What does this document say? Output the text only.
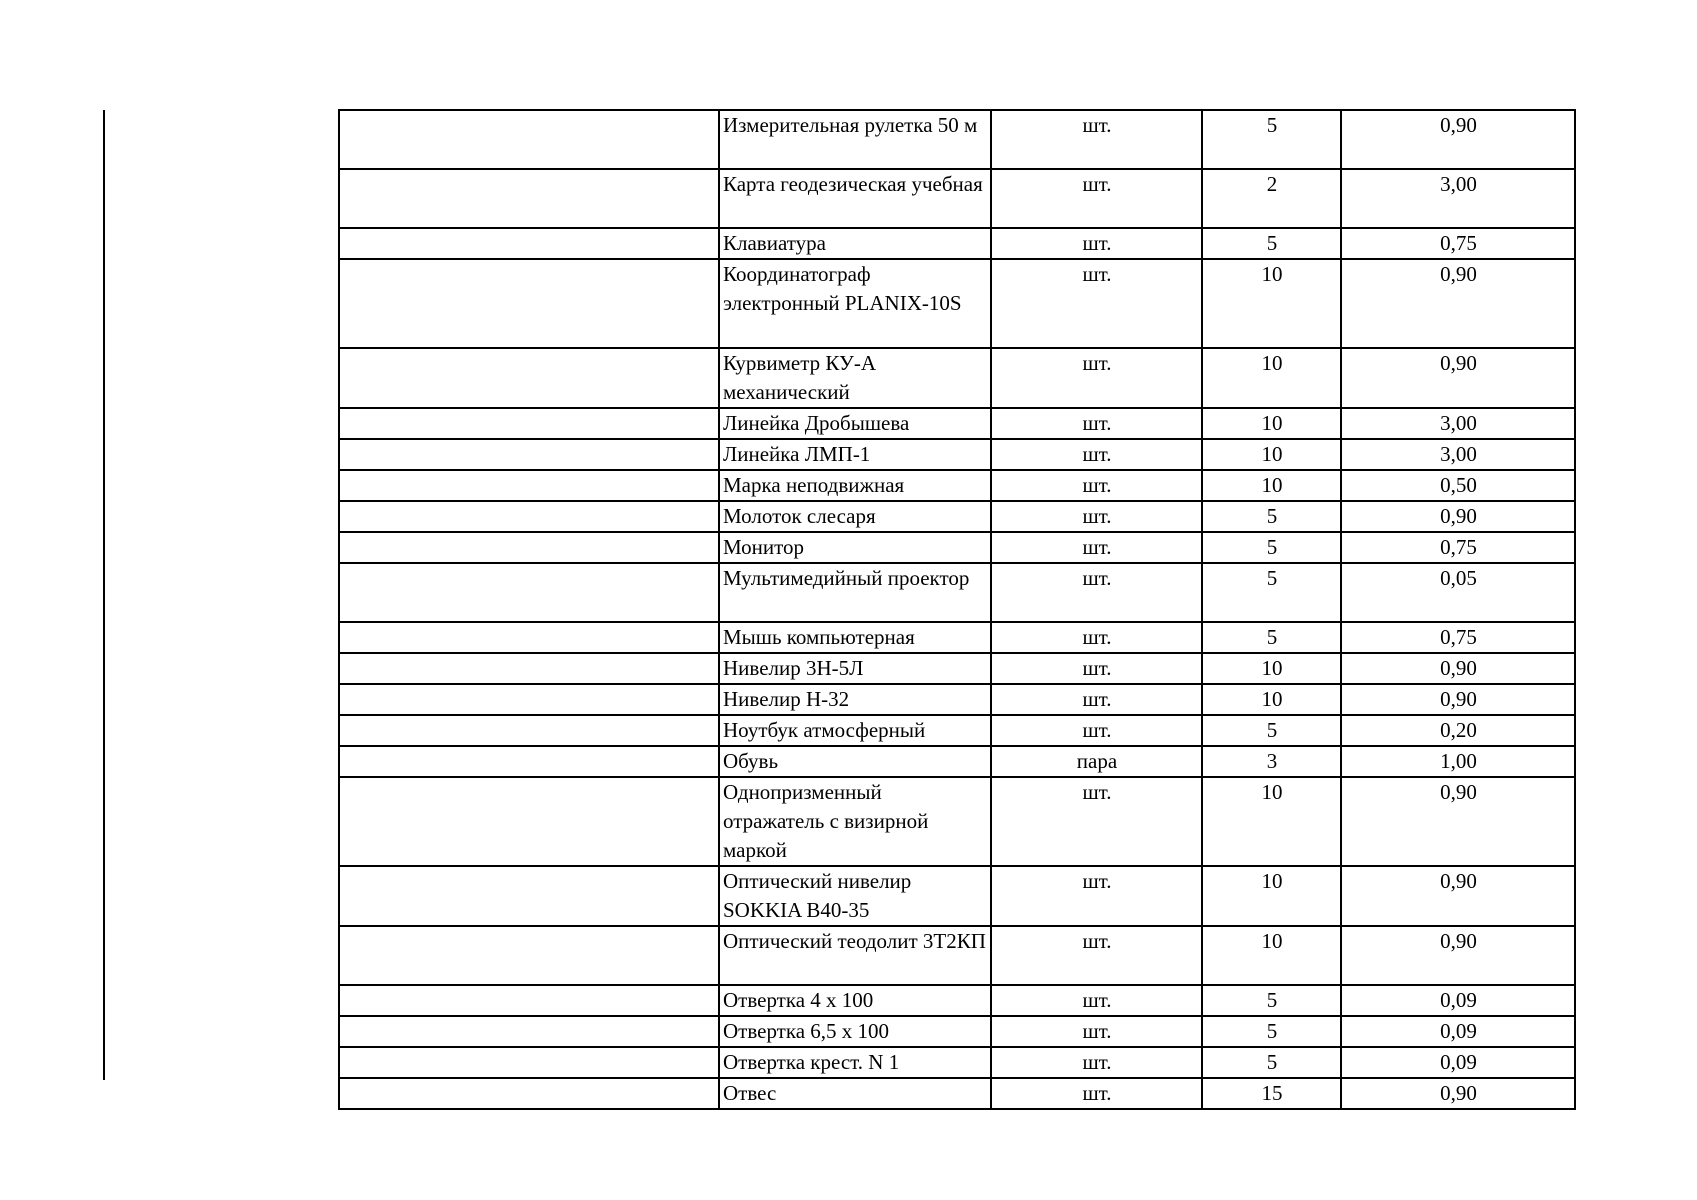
	Измерительная рулетка 50 м	шт.	5	0,90
	Карта геодезическая учебная	шт.	2	3,00
	Клавиатура	шт.	5	0,75
	Координатограф электронный PLANIX-10S	шт.	10	0,90
	Курвиметр КУ-А механический	шт.	10	0,90
	Линейка Дробышева	шт.	10	3,00
	Линейка ЛМП-1	шт.	10	3,00
	Марка неподвижная	шт.	10	0,50
	Молоток слесаря	шт.	5	0,90
	Монитор	шт.	5	0,75
	Мультимедийный проектор	шт.	5	0,05
	Мышь компьютерная	шт.	5	0,75
	Нивелир 3Н-5Л	шт.	10	0,90
	Нивелир Н-32	шт.	10	0,90
	Ноутбук атмосферный	шт.	5	0,20
	Обувь	пара	3	1,00
	Однопризменный отражатель с визирной маркой	шт.	10	0,90
	Оптический нивелир SOKKIA B40-35	шт.	10	0,90
	Оптический теодолит 3Т2КП	шт.	10	0,90
	Отвертка 4 х 100	шт.	5	0,09
	Отвертка 6,5 х 100	шт.	5	0,09
	Отвертка крест. N 1	шт.	5	0,09
	Отвес	шт.	15	0,90
